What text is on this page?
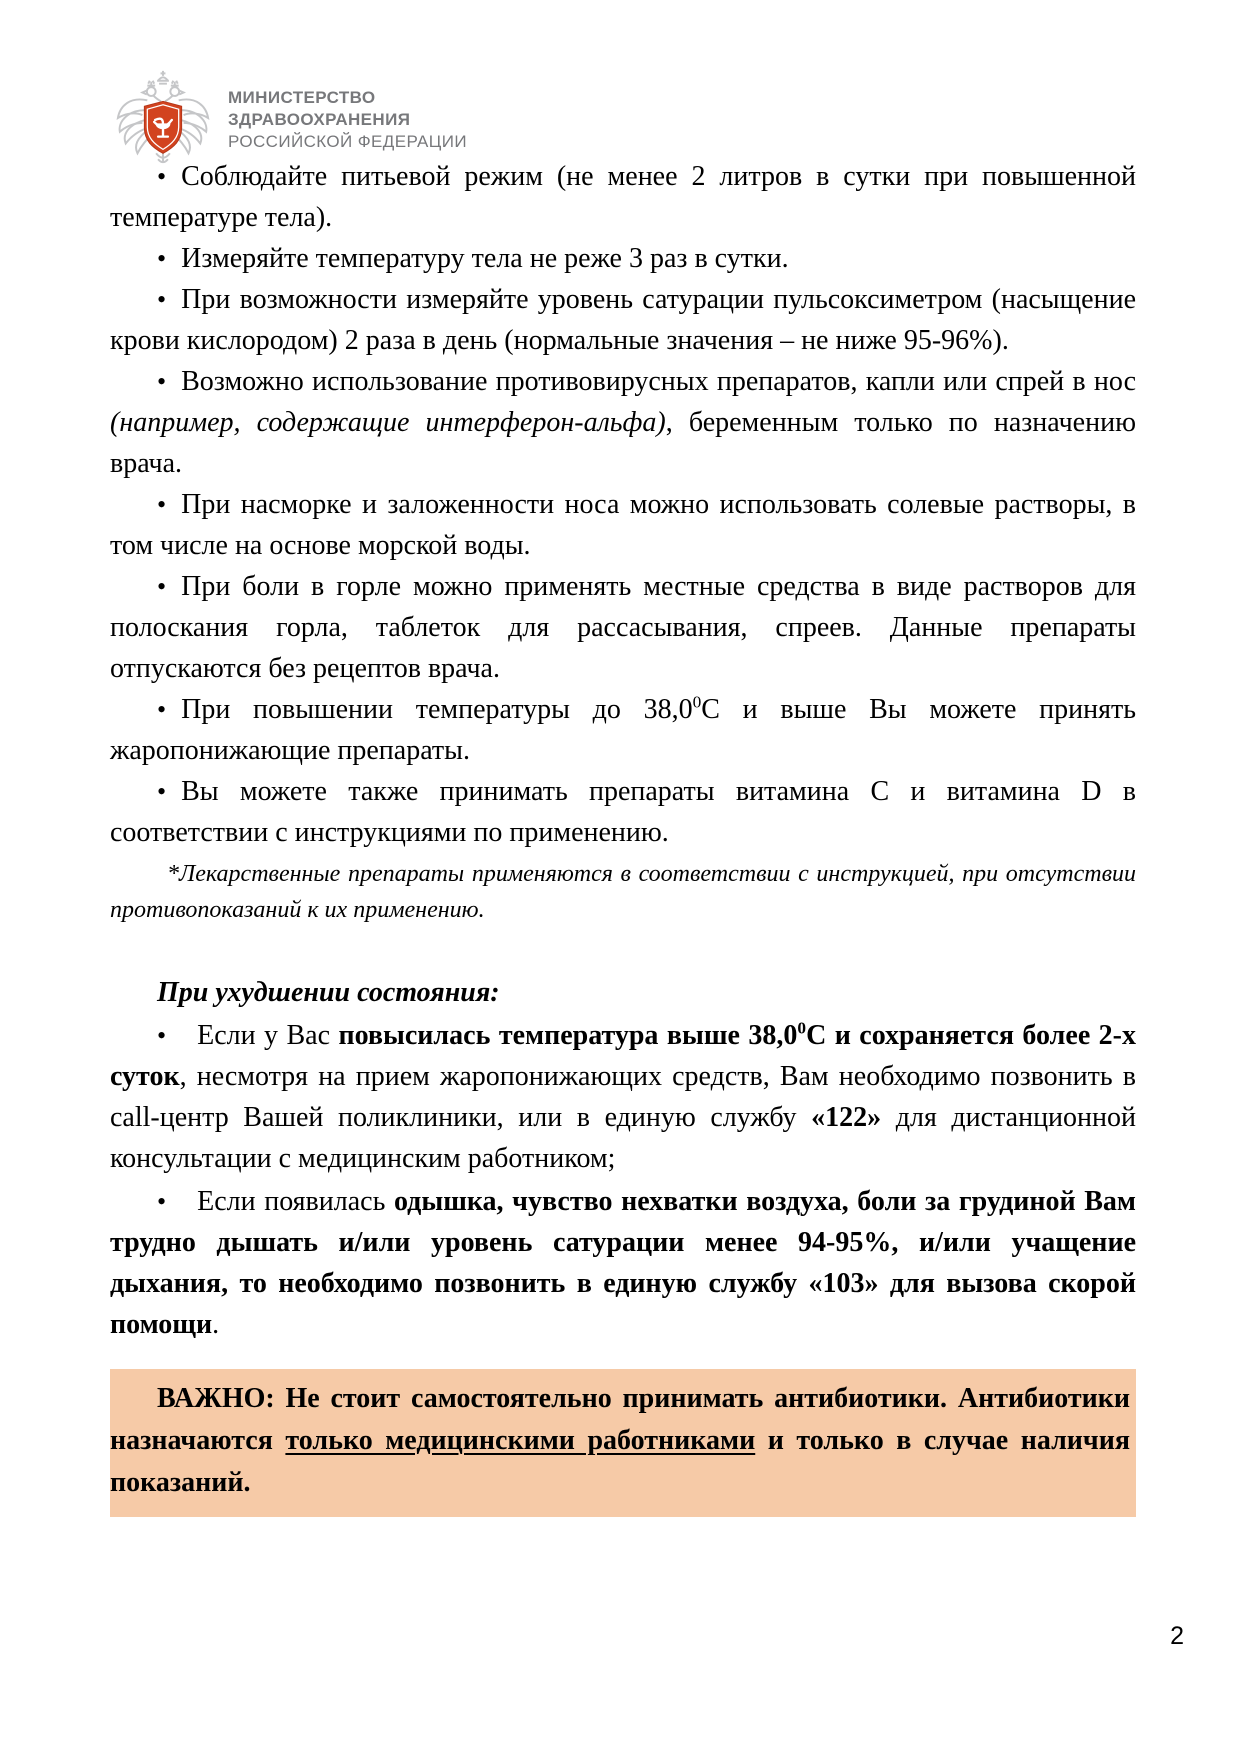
МИНИСТЕРСТВО
ЗДРАВООХРАНЕНИЯ
РОССИЙСКОЙ ФЕДЕРАЦИИ

• Соблюдайте питьевой режим (не менее 2 литров в сутки при повышенной температуре тела).

• Измеряйте температуру тела не реже 3 раз в сутки.

• При возможности измеряйте уровень сатурации пульсоксиметром (насыщение крови кислородом) 2 раза в день (нормальные значения – не ниже 95-96%).

• Возможно использование противовирусных препаратов, капли или спрей в нос (например, содержащие интерферон-альфа), беременным только по назначению врача.

• При насморке и заложенности носа можно использовать солевые растворы, в том числе на основе морской воды.

• При боли в горле можно применять местные средства в виде растворов для полоскания горла, таблеток для рассасывания, спреев. Данные препараты отпускаются без рецептов врача.

• При повышении температуры до 38,0$^0$С и выше Вы можете принять жаропонижающие препараты.

• Вы можете также принимать препараты витамина С и витамина D в соответствии с инструкциями по применению.

*Лекарственные препараты применяются в соответствии с инструкцией, при отсутствии противопоказаний к их применению.

При ухудшении состояния:

• Если у Вас повысилась температура выше 38,0$^0$С и сохраняется более 2-х суток, несмотря на прием жаропонижающих средств, Вам необходимо позвонить в call-центр Вашей поликлиники, или в единую службу «122» для дистанционной консультации с медицинским работником;

• Если появилась одышка, чувство нехватки воздуха, боли за грудиной Вам трудно дышать и/или уровень сатурации менее 94-95%, и/или учащение дыхания, то необходимо позвонить в единую службу «103» для вызова скорой помощи.

ВАЖНО: Не стоит самостоятельно принимать антибиотики. Антибиотики назначаются только медицинскими работниками и только в случае наличия показаний.

2
